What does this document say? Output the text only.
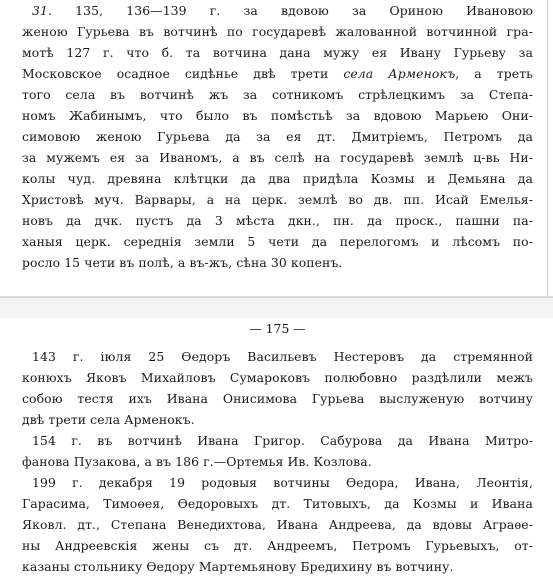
31. 135, 136—139 г. за вдовою за Ориною Ивановою
женою Гурьева въ вотчинѣ по государевѣ жалованной вотчинной гра-
мотѣ 127 г. что б. та вотчина дана мужу ея Ивану Гурьеву за
Московское осадное сидѣнье двѣ трети села Арменокъ, а треть
того села въ вотчинѣ жъ за сотникомъ стрѣлецкимъ за Степа-
номъ Жабинымъ, что было въ помѣстьѣ за вдовою Марьею Они-
симовою женою Гурьева да за ея дт. Дмитріемъ, Петромъ да
за мужемъ ея за Иваномъ, а въ селѣ на государевѣ землѣ ц-вь Ни-
колы чуд. древяна клѣтцки да два придѣла Козмы и Демьяна да
Христовѣ муч. Варвары, а на церк. землѣ во дв. пп. Исай Емелья-
новъ да дчк. пустъ да 3 мѣста дкн., пн. да проск., пашни па-
ханыя церк. середнія земли 5 чети да перелогомъ и лѣсомъ по-
росло 15 чети въ полѣ, а въ-жъ, сѣна 30 копенъ.
— 175 —
143 г. іюля 25 Өедоръ Васильевъ Нестеровъ да стремянной
конюхъ Яковъ Михайловъ Сумароковъ полюбовно раздѣлили межъ
собою тестя ихъ Ивана Онисимова Гурьева выслуженую вотчину
двѣ трети села Арменокъ.
154 г. въ вотчинѣ Ивана Григор. Сабурова да Ивана Митро-
фанова Пузакова, а въ 186 г.—Ортемья Ив. Козлова.
199 г. декабря 19 родовыя вотчины Өедора, Ивана, Леонтія,
Гарасима, Тимоөея, Өедоровыхъ дт. Титовыхъ, да Козмы и Ивана
Яковл. дт., Степана Венедихтова, Ивана Андреева, да вдовы Аграѳе-
ны Андреевскія жены съ дт. Андреемъ, Петромъ Гурьевыхъ, от-
казаны стольнику Өедору Мартемьянову Бредихину въ вотчину.
